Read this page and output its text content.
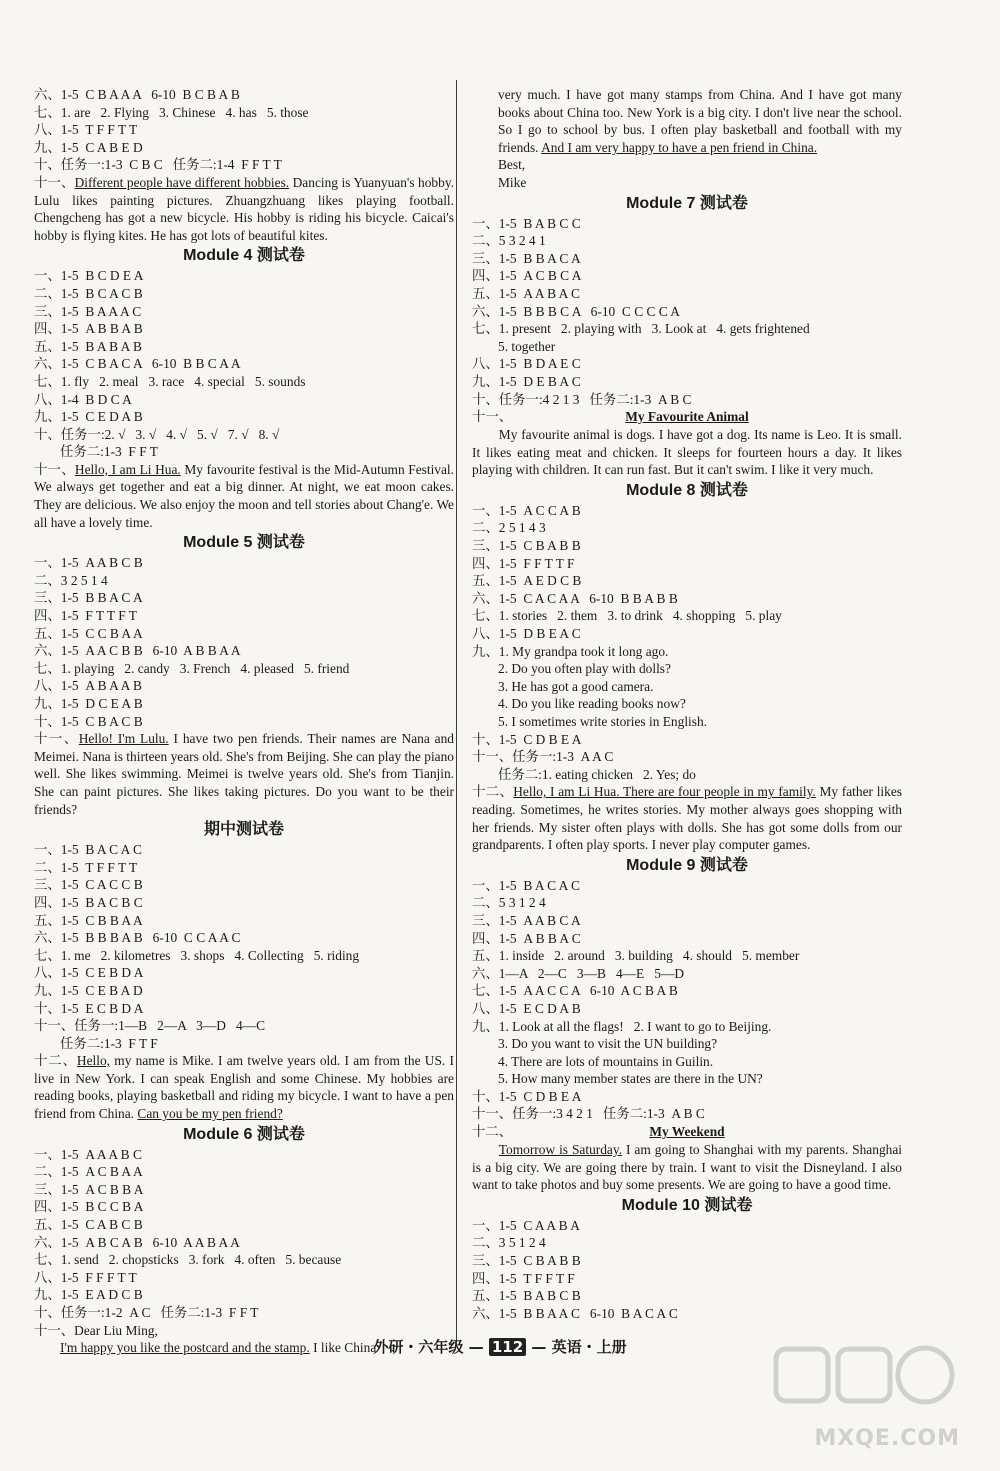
六、1-5  C B A A A   6-10  B C B A B
七、1. are   2. Flying   3. Chinese   4. has   5. those
八、1-5  T F F T T
九、1-5  C A B E D
十、任务一:1-3  C B C   任务二:1-4  F F T T
十一、Different people have different hobbies. Dancing is Yuanyuan's hobby. Lulu likes painting pictures. Zhuangzhuang likes playing football. Chengcheng has got a new bicycle. His hobby is riding his bicycle. Caicai's hobby is flying kites. He has got lots of beautiful kites.
Module 4 测试卷
一、1-5  B C D E A
二、1-5  B C A C B
三、1-5  B A A A C
四、1-5  A B B A B
五、1-5  B A B A B
六、1-5  C B A C A   6-10  B B C A A
七、1. fly   2. meal   3. race   4. special   5. sounds
八、1-4  B D C A
九、1-5  C E D A B
十、任务一:2. √   3. √   4. √   5. √   7. √   8. √
任务二:1-3  F F T
十一、Hello, I am Li Hua. My favourite festival is the Mid-Autumn Festival. We always get together and eat a big dinner. At night, we eat moon cakes. They are delicious. We also enjoy the moon and tell stories about Chang'e. We all have a lovely time.
Module 5 测试卷
一、1-5  A A B C B
二、3 2 5 1 4
三、1-5  B B A C A
四、1-5  F T T F T
五、1-5  C C B A A
六、1-5  A A C B B   6-10  A B B A A
七、1. playing   2. candy   3. French   4. pleased   5. friend
八、1-5  A B A A B
九、1-5  D C E A B
十、1-5  C B A C B
十一、Hello! I'm Lulu. I have two pen friends. Their names are Nana and Meimei. Nana is thirteen years old. She's from Beijing. She can play the piano well. She likes swimming. Meimei is twelve years old. She's from Tianjin. She can paint pictures. She likes taking pictures. Do you want to be their friends?
期中测试卷
一、1-5  B A C A C
二、1-5  T F F T T
三、1-5  C A C C B
四、1-5  B A C B C
五、1-5  C B B A A
六、1-5  B B B A B   6-10  C C A A C
七、1. me   2. kilometres   3. shops   4. Collecting   5. riding
八、1-5  C E B D A
九、1-5  C E B A D
十、1-5  E C B D A
十一、任务一:1—B   2—A   3—D   4—C
任务二:1-3  F T F
十二、Hello, my name is Mike. I am twelve years old. I am from the US. I live in New York. I can speak English and some Chinese. My hobbies are reading books, playing basketball and riding my bicycle. I want to have a pen friend from China. Can you be my pen friend?
Module 6 测试卷
一、1-5  A A A B C
二、1-5  A C B A A
三、1-5  A C B B A
四、1-5  B C C B A
五、1-5  C A B C B
六、1-5  A B C A B   6-10  A A B A A
七、1. send   2. chopsticks   3. fork   4. often   5. because
八、1-5  F F F T T
九、1-5  E A D C B
十、任务一:1-2  A C   任务二:1-3  F F T
十一、Dear Liu Ming,
I'm happy you like the postcard and the stamp. I like China
very much. I have got many stamps from China. And I have got many books about China too. New York is a big city. I don't live near the school. So I go to school by bus. I often play basketball and football with my friends. And I am very happy to have a pen friend in China.
Best,
Mike
Module 7 测试卷
一、1-5  B A B C C
二、5 3 2 4 1
三、1-5  B B A C A
四、1-5  A C B C A
五、1-5  A A B A C
六、1-5  B B B C A   6-10  C C C C A
七、1. present   2. playing with   3. Look at   4. gets frightened
5. together
八、1-5  B D A E C
九、1-5  D E B A C
十、任务一:4 2 1 3   任务二:1-3  A B C
十一、	My Favourite Animal
My favourite animal is dogs. I have got a dog. Its name is Leo. It is small. It likes eating meat and chicken. It sleeps for fourteen hours a day. It likes playing with children. It can run fast. But it can't swim. I like it very much.
Module 8 测试卷
一、1-5  A C C A B
二、2 5 1 4 3
三、1-5  C B A B B
四、1-5  F F T T F
五、1-5  A E D C B
六、1-5  C A C A A   6-10  B B A B B
七、1. stories   2. them   3. to drink   4. shopping   5. play
八、1-5  D B E A C
九、1. My grandpa took it long ago.
2. Do you often play with dolls?
3. He has got a good camera.
4. Do you like reading books now?
5. I sometimes write stories in English.
十、1-5  C D B E A
十一、任务一:1-3  A A C
任务二:1. eating chicken   2. Yes; do
十二、Hello, I am Li Hua. There are four people in my family. My father likes reading. Sometimes, he writes stories. My mother always goes shopping with her friends. My sister often plays with dolls. She has got some dolls from our grandparents. I often play sports. I never play computer games.
Module 9 测试卷
一、1-5  B A C A C
二、5 3 1 2 4
三、1-5  A A B C A
四、1-5  A B B A C
五、1. inside   2. around   3. building   4. should   5. member
六、1—A   2—C   3—B   4—E   5—D
七、1-5  A A C C A   6-10  A C B A B
八、1-5  E C D A B
九、1. Look at all the flags!   2. I want to go to Beijing.
3. Do you want to visit the UN building?
4. There are lots of mountains in Guilin.
5. How many member states are there in the UN?
十、1-5  C D B E A
十一、任务一:3 4 2 1   任务二:1-3  A B C
十二、	My Weekend
Tomorrow is Saturday. I am going to Shanghai with my parents. Shanghai is a big city. We are going there by train. I want to visit the Disneyland. I also want to take photos and buy some presents. We are going to have a good time.
Module 10 测试卷
一、1-5  C A A B A
二、3 5 1 2 4
三、1-5  C B A B B
四、1-5  T F F T F
五、1-5  B A B C B
六、1-5  B B A A C   6-10  B A C A C
外研・六年级 — 112 — 英语・上册
MXQE.COM
